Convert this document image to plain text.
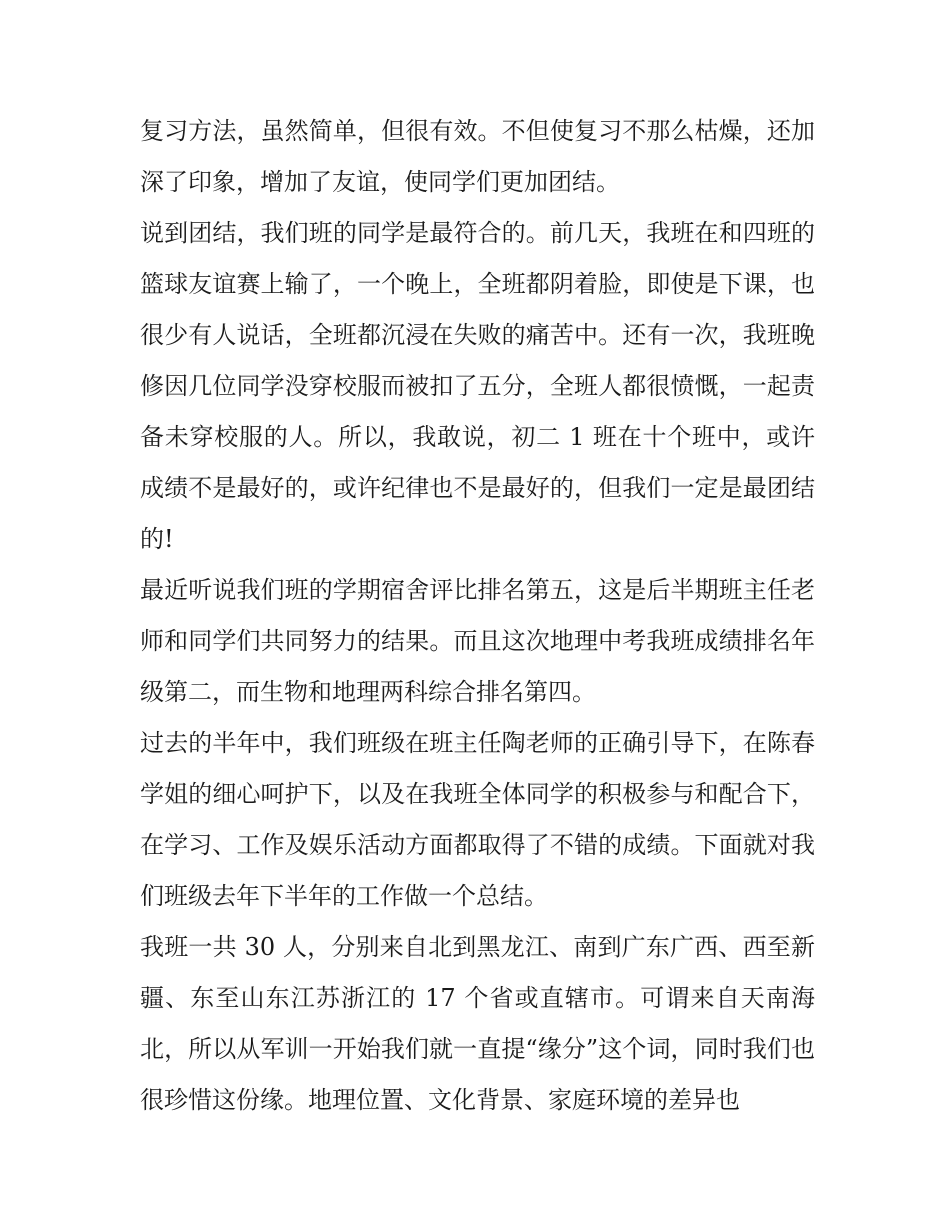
复习方法，虽然简单，但很有效。不但使复习不那么枯燥，还加深了印象，增加了友谊，使同学们更加团结。

说到团结，我们班的同学是最符合的。前几天，我班在和四班的篮球友谊赛上输了，一个晚上，全班都阴着脸，即使是下课，也很少有人说话，全班都沉浸在失败的痛苦中。还有一次，我班晚修因几位同学没穿校服而被扣了五分，全班人都很愤慨，一起责备未穿校服的人。所以，我敢说，初二 1 班在十个班中，或许成绩不是最好的，或许纪律也不是最好的，但我们一定是最团结的!

最近听说我们班的学期宿舍评比排名第五，这是后半期班主任老师和同学们共同努力的结果。而且这次地理中考我班成绩排名年级第二，而生物和地理两科综合排名第四。

过去的半年中，我们班级在班主任陶老师的正确引导下，在陈春学姐的细心呵护下，以及在我班全体同学的积极参与和配合下，在学习、工作及娱乐活动方面都取得了不错的成绩。下面就对我们班级去年下半年的工作做一个总结。

我班一共 30 人，分别来自北到黑龙江、南到广东广西、西至新疆、东至山东江苏浙江的 17 个省或直辖市。可谓来自天南海北，所以从军训一开始我们就一直提“缘分”这个词，同时我们也很珍惜这份缘。地理位置、文化背景、家庭环境的差异也
